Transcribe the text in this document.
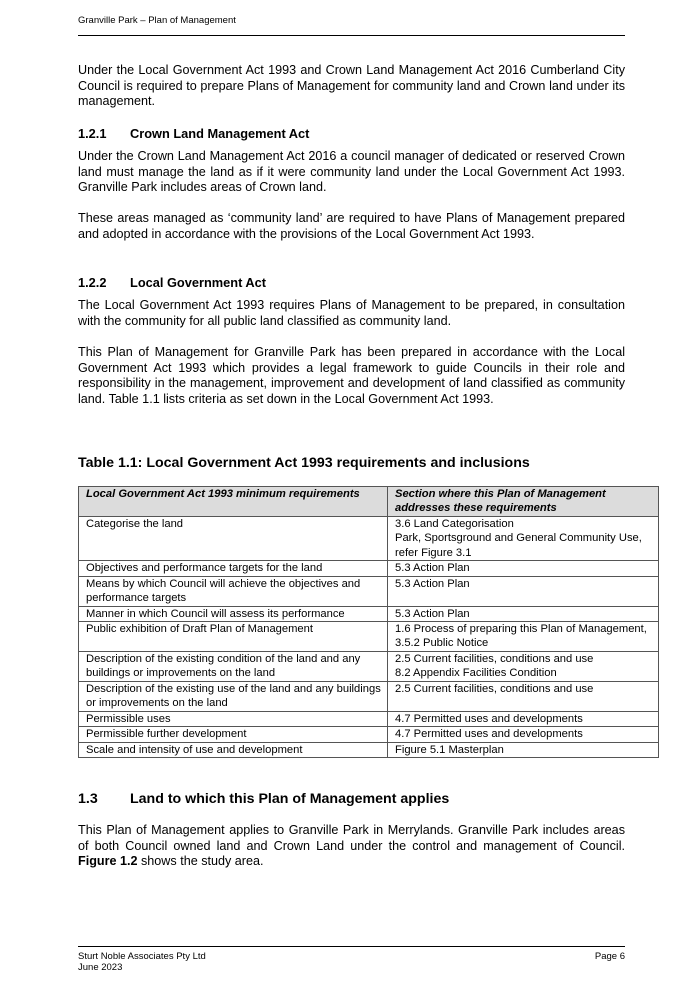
Granville Park – Plan of Management

Under the Local Government Act 1993 and Crown Land Management Act 2016 Cumberland City Council is required to prepare Plans of Management for community land and Crown land under its management.

1.2.1 Crown Land Management Act

Under the Crown Land Management Act 2016 a council manager of dedicated or reserved Crown land must manage the land as if it were community land under the Local Government Act 1993. Granville Park includes areas of Crown land.

These areas managed as ‘community land’ are required to have Plans of Management prepared and adopted in accordance with the provisions of the Local Government Act 1993.

1.2.2 Local Government Act

The Local Government Act 1993 requires Plans of Management to be prepared, in consultation with the community for all public land classified as community land.

This Plan of Management for Granville Park has been prepared in accordance with the Local Government Act 1993 which provides a legal framework to guide Councils in their role and responsibility in the management, improvement and development of land classified as community land. Table 1.1 lists criteria as set down in the Local Government Act 1993.

Table 1.1: Local Government Act 1993 requirements and inclusions
Local Government Act 1993 minimum requirements	Section where this Plan of Management addresses these requirements
Categorise the land	3.6 Land Categorisation
Park, Sportsground and General Community Use, refer Figure 3.1

Objectives and performance targets for the land	5.3 Action Plan
Means by which Council will achieve the objectives and performance targets	5.3 Action Plan
Manner in which Council will assess its performance	5.3 Action Plan
Public exhibition of Draft Plan of Management	1.6 Process of preparing this Plan of Management, 3.5.2 Public Notice
Description of the existing condition of the land and any buildings or improvements on the land	2.5 Current facilities, conditions and use
8.2 Appendix Facilities Condition

Description of the existing use of the land and any buildings or improvements on the land	2.5 Current facilities, conditions and use
Permissible uses	4.7 Permitted uses and developments
Permissible further development	4.7 Permitted uses and developments
Scale and intensity of use and development	Figure 5.1 Masterplan
1.3 Land to which this Plan of Management applies

This Plan of Management applies to Granville Park in Merrylands. Granville Park includes areas of both Council owned land and Crown Land under the control and management of Council. Figure 1.2 shows the study area.

Sturt Noble Associates Pty Ltd
June 2023
Page 6
